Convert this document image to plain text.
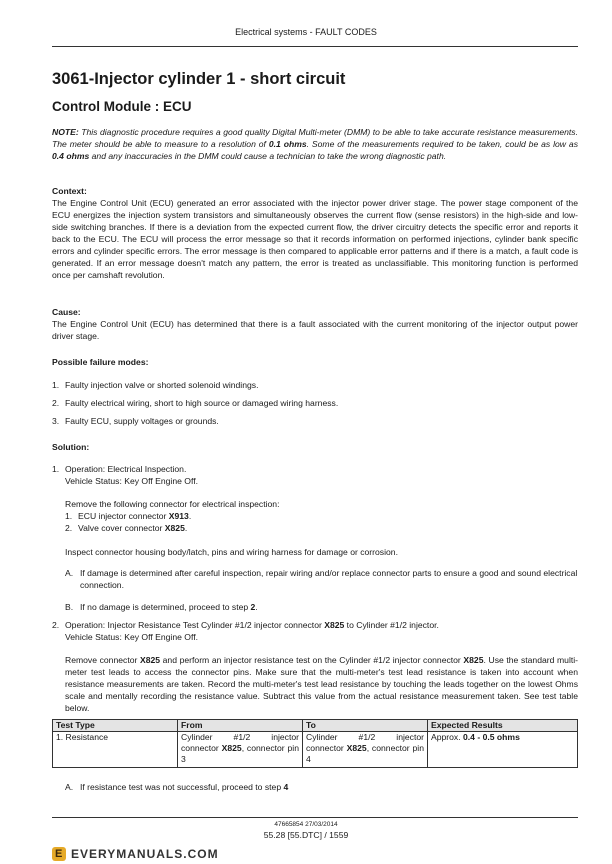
Electrical systems - FAULT CODES
3061-Injector cylinder 1 - short circuit
Control Module : ECU
NOTE: This diagnostic procedure requires a good quality Digital Multi-meter (DMM) to be able to take accurate resistance measurements. The meter should be able to measure to a resolution of 0.1 ohms. Some of the measurements required to be taken, could be as low as 0.4 ohms and any inaccuracies in the DMM could cause a technician to take the wrong diagnostic path.
Context:
The Engine Control Unit (ECU) generated an error associated with the injector power driver stage. The power stage component of the ECU energizes the injection system transistors and simultaneously observes the current flow (sense resistors) in the high-side and low-side switching branches. If there is a deviation from the expected current flow, the driver circuitry detects the specific error and reports it back to the ECU. The ECU will process the error message so that it records information on performed injections, cylinder bank specific errors and cylinder specific errors. The error message is then compared to applicable error patterns and if there is a match, a fault code is generated. If an error message doesn't match any pattern, the error is treated as unclassifiable. This monitoring function is performed once per camshaft revolution.
Cause:
The Engine Control Unit (ECU) has determined that there is a fault associated with the current monitoring of the injector output power driver stage.
Possible failure modes:
1. Faulty injection valve or shorted solenoid windings.
2. Faulty electrical wiring, short to high source or damaged wiring harness.
3. Faulty ECU, supply voltages or grounds.
Solution:
1. Operation: Electrical Inspection.
Vehicle Status: Key Off Engine Off.
Remove the following connector for electrical inspection:
1. ECU injector connector X913.
2. Valve cover connector X825.
Inspect connector housing body/latch, pins and wiring harness for damage or corrosion.
A. If damage is determined after careful inspection, repair wiring and/or replace connector parts to ensure a good and sound electrical connection.
B. If no damage is determined, proceed to step 2.
2. Operation: Injector Resistance Test Cylinder #1/2 injector connector X825 to Cylinder #1/2 injector.
Vehicle Status: Key Off Engine Off.
Remove connector X825 and perform an injector resistance test on the Cylinder #1/2 injector connector X825. Use the standard multi-meter test leads to access the connector pins. Make sure that the multi-meter's test lead resistance is taken into account when resistance measurements are taken. Record the multi-meter's test lead resistance by touching the leads together on the lowest Ohms scale and mentally recording the resistance value. Subtract this value from the actual resistance measurement taken. See test table below.
Test Type	From	To	Expected Results
1. Resistance	Cylinder #1/2 injector connector X825, connector pin 3	Cylinder #1/2 injector connector X825, connector pin 4	Approx. 0.4 - 0.5 ohms
A. If resistance test was not successful, proceed to step 4
47665854 27/03/2014
55.28 [55.DTC] / 1559
E EVERYMANUALS.COM
